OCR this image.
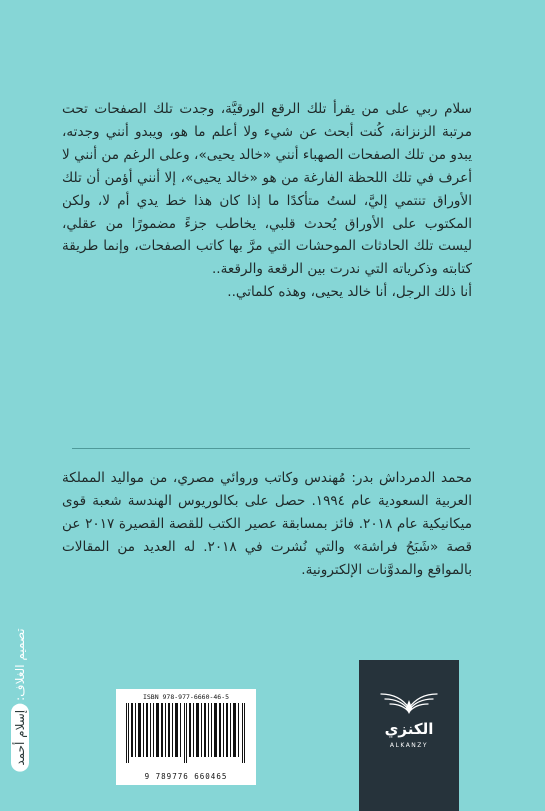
سلام ربي على من يقرأ تلك الرقع الورقيَّة، وجدت تلك الصفحات تحت مرتبة الزنزانة، كُنت أبحث عن شيء ولا أعلم ما هو، ويبدو أنني وجدته، يبدو من تلك الصفحات الصهباء أنني «خالد يحيى»، وعلى الرغم من أنني لا أعرف في تلك اللحظة الفارغة من هو «خالد يحيى»، إلا أنني أؤمن أن تلك الأوراق تنتمي إليَّ، لستُ متأكدًا ما إذا كان هذا خط يدي أم لا، ولكن المكتوب على الأوراق يُحدث قلبي، يخاطب جزءً مضمورًا من عقلي، ليست تلك الحادثات الموحشات التي مرَّ بها كاتب الصفحات، وإنما طريقة كتابته وذكرياته التي ندرت بين الرقعة والرقعة..

أنا ذلك الرجل، أنا خالد يحيى، وهذه كلماتي..

محمد الدمرداش بدر: مُهندس وكاتب وروائي مصري، من مواليد المملكة العربية السعودية عام ١٩٩٤. حصل على بكالوريوس الهندسة شعبة قوى ميكانيكية عام ٢٠١٨. فائز بمسابقة عصير الكتب للقصة القصيرة ٢٠١٧ عن قصة «شَبَحُ فراشة» والتي نُشرت في ٢٠١٨. له العديد من المقالات بالمواقع والمدوَّنات الإلكترونية.
تصميم الغلاف:
إسلام أحمد
ISBN 978-977-6660-46-5
9 789776 660465
الكنزي
ALKANZY
